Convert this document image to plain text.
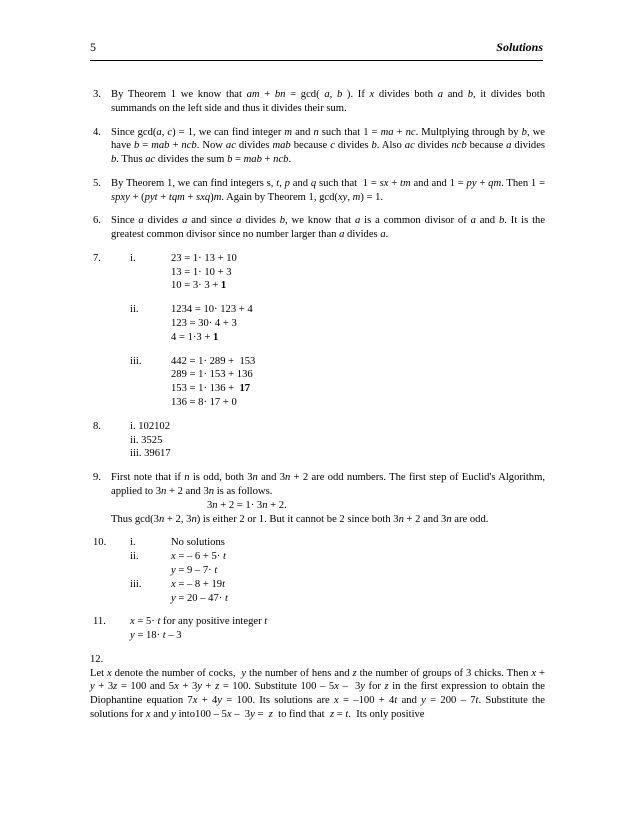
5	Solutions
3. By Theorem 1 we know that am + bn = gcd( a, b ). If x divides both a and b, it divides both summands on the left side and thus it divides their sum.
4. Since gcd(a, c) = 1, we can find integer m and n such that 1 = ma + nc. Multplying through by b, we have b = mab + ncb. Now ac divides mab because c divides b. Also ac divides ncb because a divides b. Thus ac divides the sum b = mab + ncb.
5. By Theorem 1, we can find integers s, t, p and q such that  1 = sx + tm and and 1 = py + qm. Then 1 = spxy + (pyt + tqm + sxq)m. Again by Theorem 1, gcd(xy, m) = 1.
6. Since a divides a and since a divides b, we know that a is a common divisor of a and b. It is the greatest common divisor since no number larger than a divides a.
7.	i.	23 = 1· 13 + 10
13 = 1· 10 + 3
10 = 3· 3 + 1
ii.	1234 = 10· 123 + 4
123 = 30· 4 + 3
4 = 1·3 + 1
iii.	442 = 1· 289 +  153
289 = 1· 153 + 136
153 = 1· 136 +  17
136 = 8· 17 + 0
8.	i. 102102
ii. 3525
iii. 39617
9. First note that if n is odd, both 3n and 3n + 2 are odd numbers. The first step of Euclid's Algorithm, applied to 3n + 2 and 3n is as follows.
3n + 2 = 1· 3n + 2.
Thus gcd(3n + 2, 3n) is either 2 or 1. But it cannot be 2 since both 3n + 2 and 3n are odd.
10. i.	No solutions
ii.	x = – 6 + 5· t
y = 9 – 7· t
iii.	x = – 8 + 19t
y = 20 – 47· t
11. x = 5· t for any positive integer t
y = 18· t – 3
12.
Let x denote the number of cocks,  y the number of hens and z the number of groups of 3 chicks. Then x + y + 3z = 100 and 5x + 3y + z = 100. Substitute 100 – 5x –  3y for z in the first expression to obtain the Diophantine equation 7x + 4y = 100. Its solutions are x = –100 + 4t and y = 200 – 7t. Substitute the solutions for x and y into100 – 5x –  3y =  z  to find that  z = t.  Its only positive
